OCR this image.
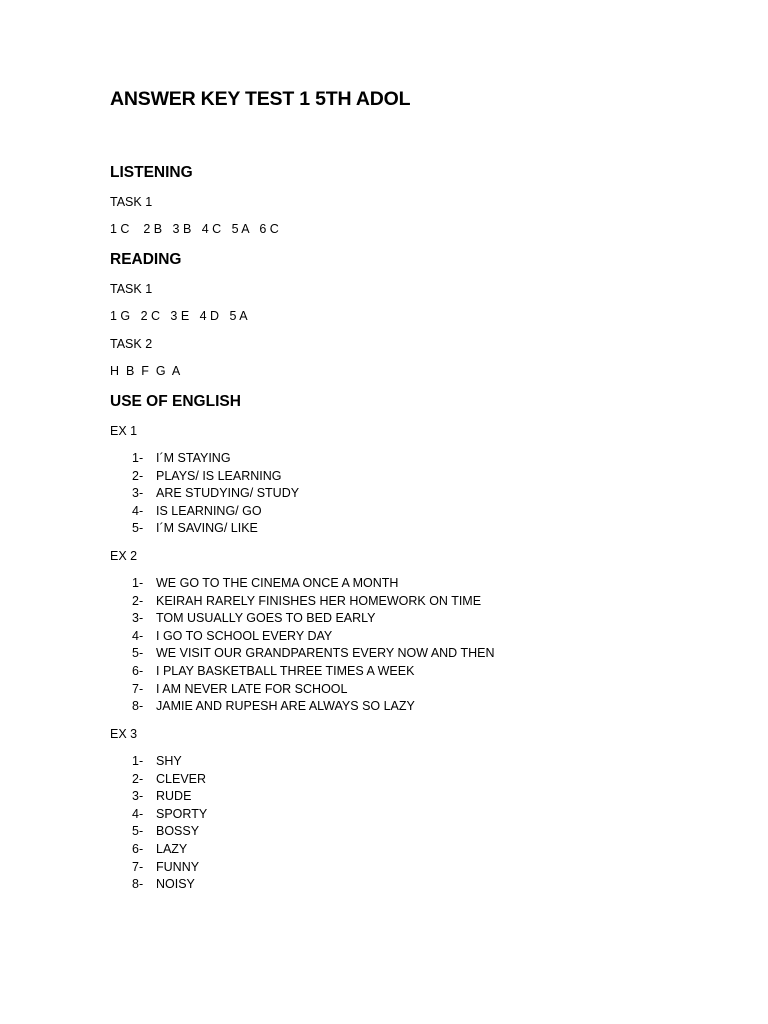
ANSWER KEY TEST 1 5TH ADOL
LISTENING
TASK 1
1 C    2 B   3 B   4 C   5 A   6 C
READING
TASK 1
1 G   2 C   3 E   4 D   5 A
TASK 2
H  B  F  G  A
USE OF ENGLISH
EX 1
1- I´M STAYING
2- PLAYS/ IS LEARNING
3- ARE STUDYING/ STUDY
4- IS LEARNING/ GO
5- I´M SAVING/ LIKE
EX 2
1- WE GO TO THE CINEMA ONCE A MONTH
2- KEIRAH RARELY FINISHES HER HOMEWORK ON TIME
3- TOM USUALLY GOES TO BED EARLY
4- I GO TO SCHOOL EVERY DAY
5- WE VISIT OUR GRANDPARENTS EVERY NOW AND THEN
6- I PLAY BASKETBALL THREE TIMES A WEEK
7- I AM NEVER LATE FOR SCHOOL
8- JAMIE AND RUPESH ARE ALWAYS SO LAZY
EX 3
1- SHY
2- CLEVER
3- RUDE
4- SPORTY
5- BOSSY
6- LAZY
7- FUNNY
8- NOISY
